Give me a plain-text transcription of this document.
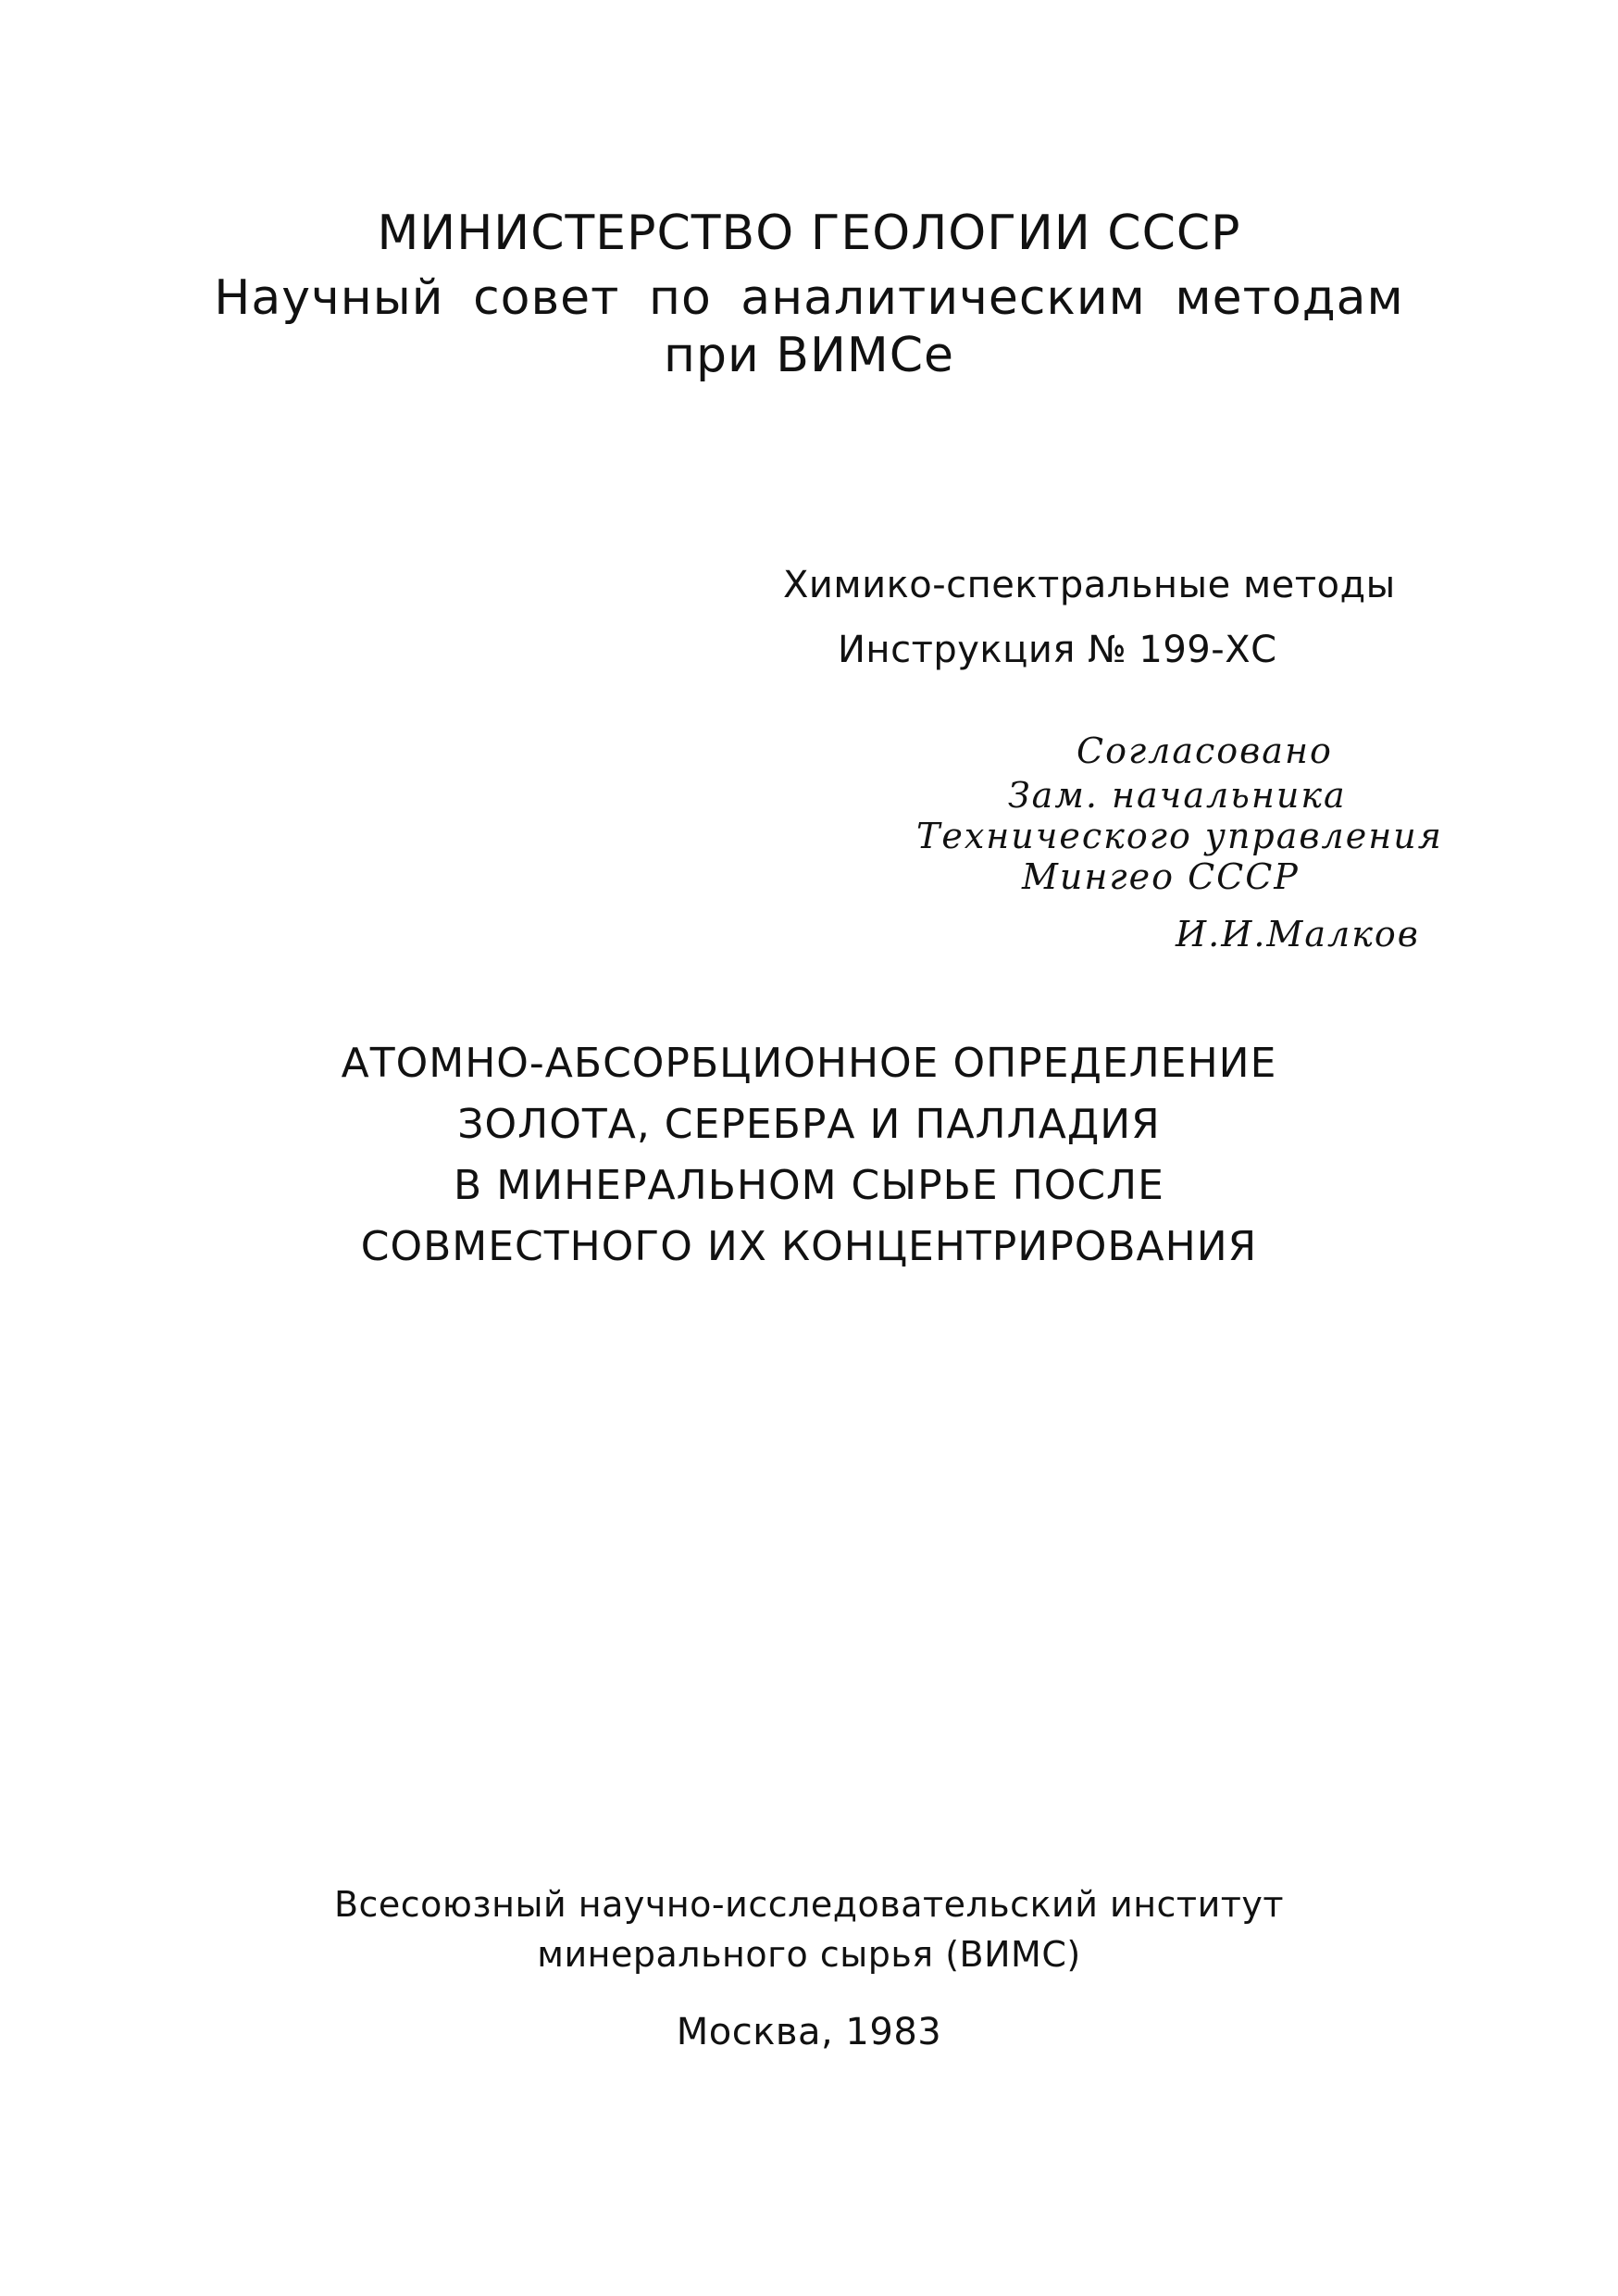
МИНИСТЕРСТВО ГЕОЛОГИИ СССР
Научный совет по аналитическим методам
при ВИМСе
Химико-спектральные методы
Инструкция № 199-ХС
Согласовано
Зам. начальника
Технического управления
Мингео СССР
И.И.Малков
АТОМНО-АБСОРБЦИОННОЕ ОПРЕДЕЛЕНИЕ
ЗОЛОТА, СЕРЕБРА И ПАЛЛАДИЯ
В МИНЕРАЛЬНОМ СЫРЬЕ ПОСЛЕ
СОВМЕСТНОГО ИХ КОНЦЕНТРИРОВАНИЯ
Всесоюзный научно-исследовательский институт
минерального сырья (ВИМС)
Москва, 1983
